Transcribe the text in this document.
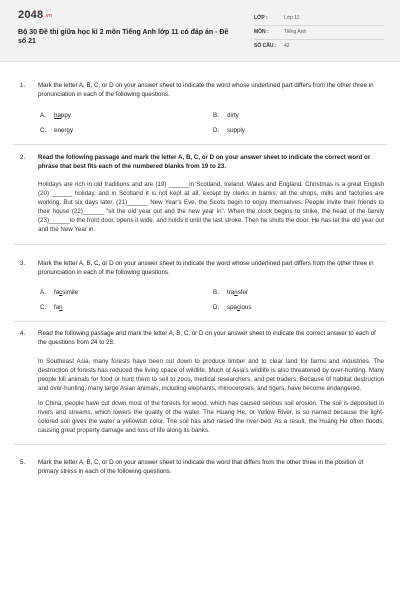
2048.vn
Bộ 30 Đề thi giữa học kì 2 môn Tiếng Anh lớp 11 có đáp án - Đề số 21
LỚP :	Lớp 11
MÔN :	Tiếng Anh
SỐ CÂU :	42
1. Mark the letter A, B, C, or D on your answer sheet to indicate the word whose underlined part differs from the other three in pronunciation in each of the following questions.
A. happy	B. dirty
C. energy	D. supply
2. Read the following passage and mark the letter A, B, C, or D on your answer sheet to indicate the correct word or phrase that best fits each of the numbered blanks from 19 to 23.
Holidays are rich in old traditions and are (19) ______in Scotland, Ireland, Wales and England. Christmas is a great English (20) ______ holiday, and in Scotland it is not kept at all, except by clerks in banks; all the shops, mills and factories are working. But six days later, (21)______ New Year's Eve, the Scots begin to enjoy themselves. People invite their friends to their house (22)______ "sit the old year out and the new year in". When the clock begins to strike, the head of the family (23)______to the front door, opens it wide, and holds it until the last stroke. Then he shuts the door. He has let the old year out and the New Year in.
3. Mark the letter A, B, C, or D on your answer sheet to indicate the word whose underlined part differs from the other three in pronunciation in each of the following questions.
A. facsimile	B. transfer
C. fan	D. spacious
4. Read the following passage and mark the letter A, B, C, or D on your answer sheet to indicate the correct answer to each of the questions from 24 to 28.
In Southeast Asia, many forests have been cut down to produce timber and to clear land for farms and industries. The destruction of forests has reduced the living space of wildlife. Much of Asia's wildlife is also threatened by over-hunting. Many people kill animals for food or hunt them to sell to zoos, medical researchers, and pet traders. Because of habitat destruction and over-hunting, many large Asian animals, including elephants, rhinoceroses, and tigers, have become endangered.
In China, people have cut down most of the forests for wood, which has caused serious soil erosion. The soil is deposited in rivers and streams, which lowers the quality of the water. The Huang He, or Yellow River, is so named because the light-colored soil gives the water a yellowish color. The soil has also raised the river-bed. As a result, the Huang He often floods, causing great property damage and loss of life along its banks.
5. Mark the letter A, B, C, or D on your answer sheet to indicate the word that differs from the other three in the position of primary stress in each of the following questions.
